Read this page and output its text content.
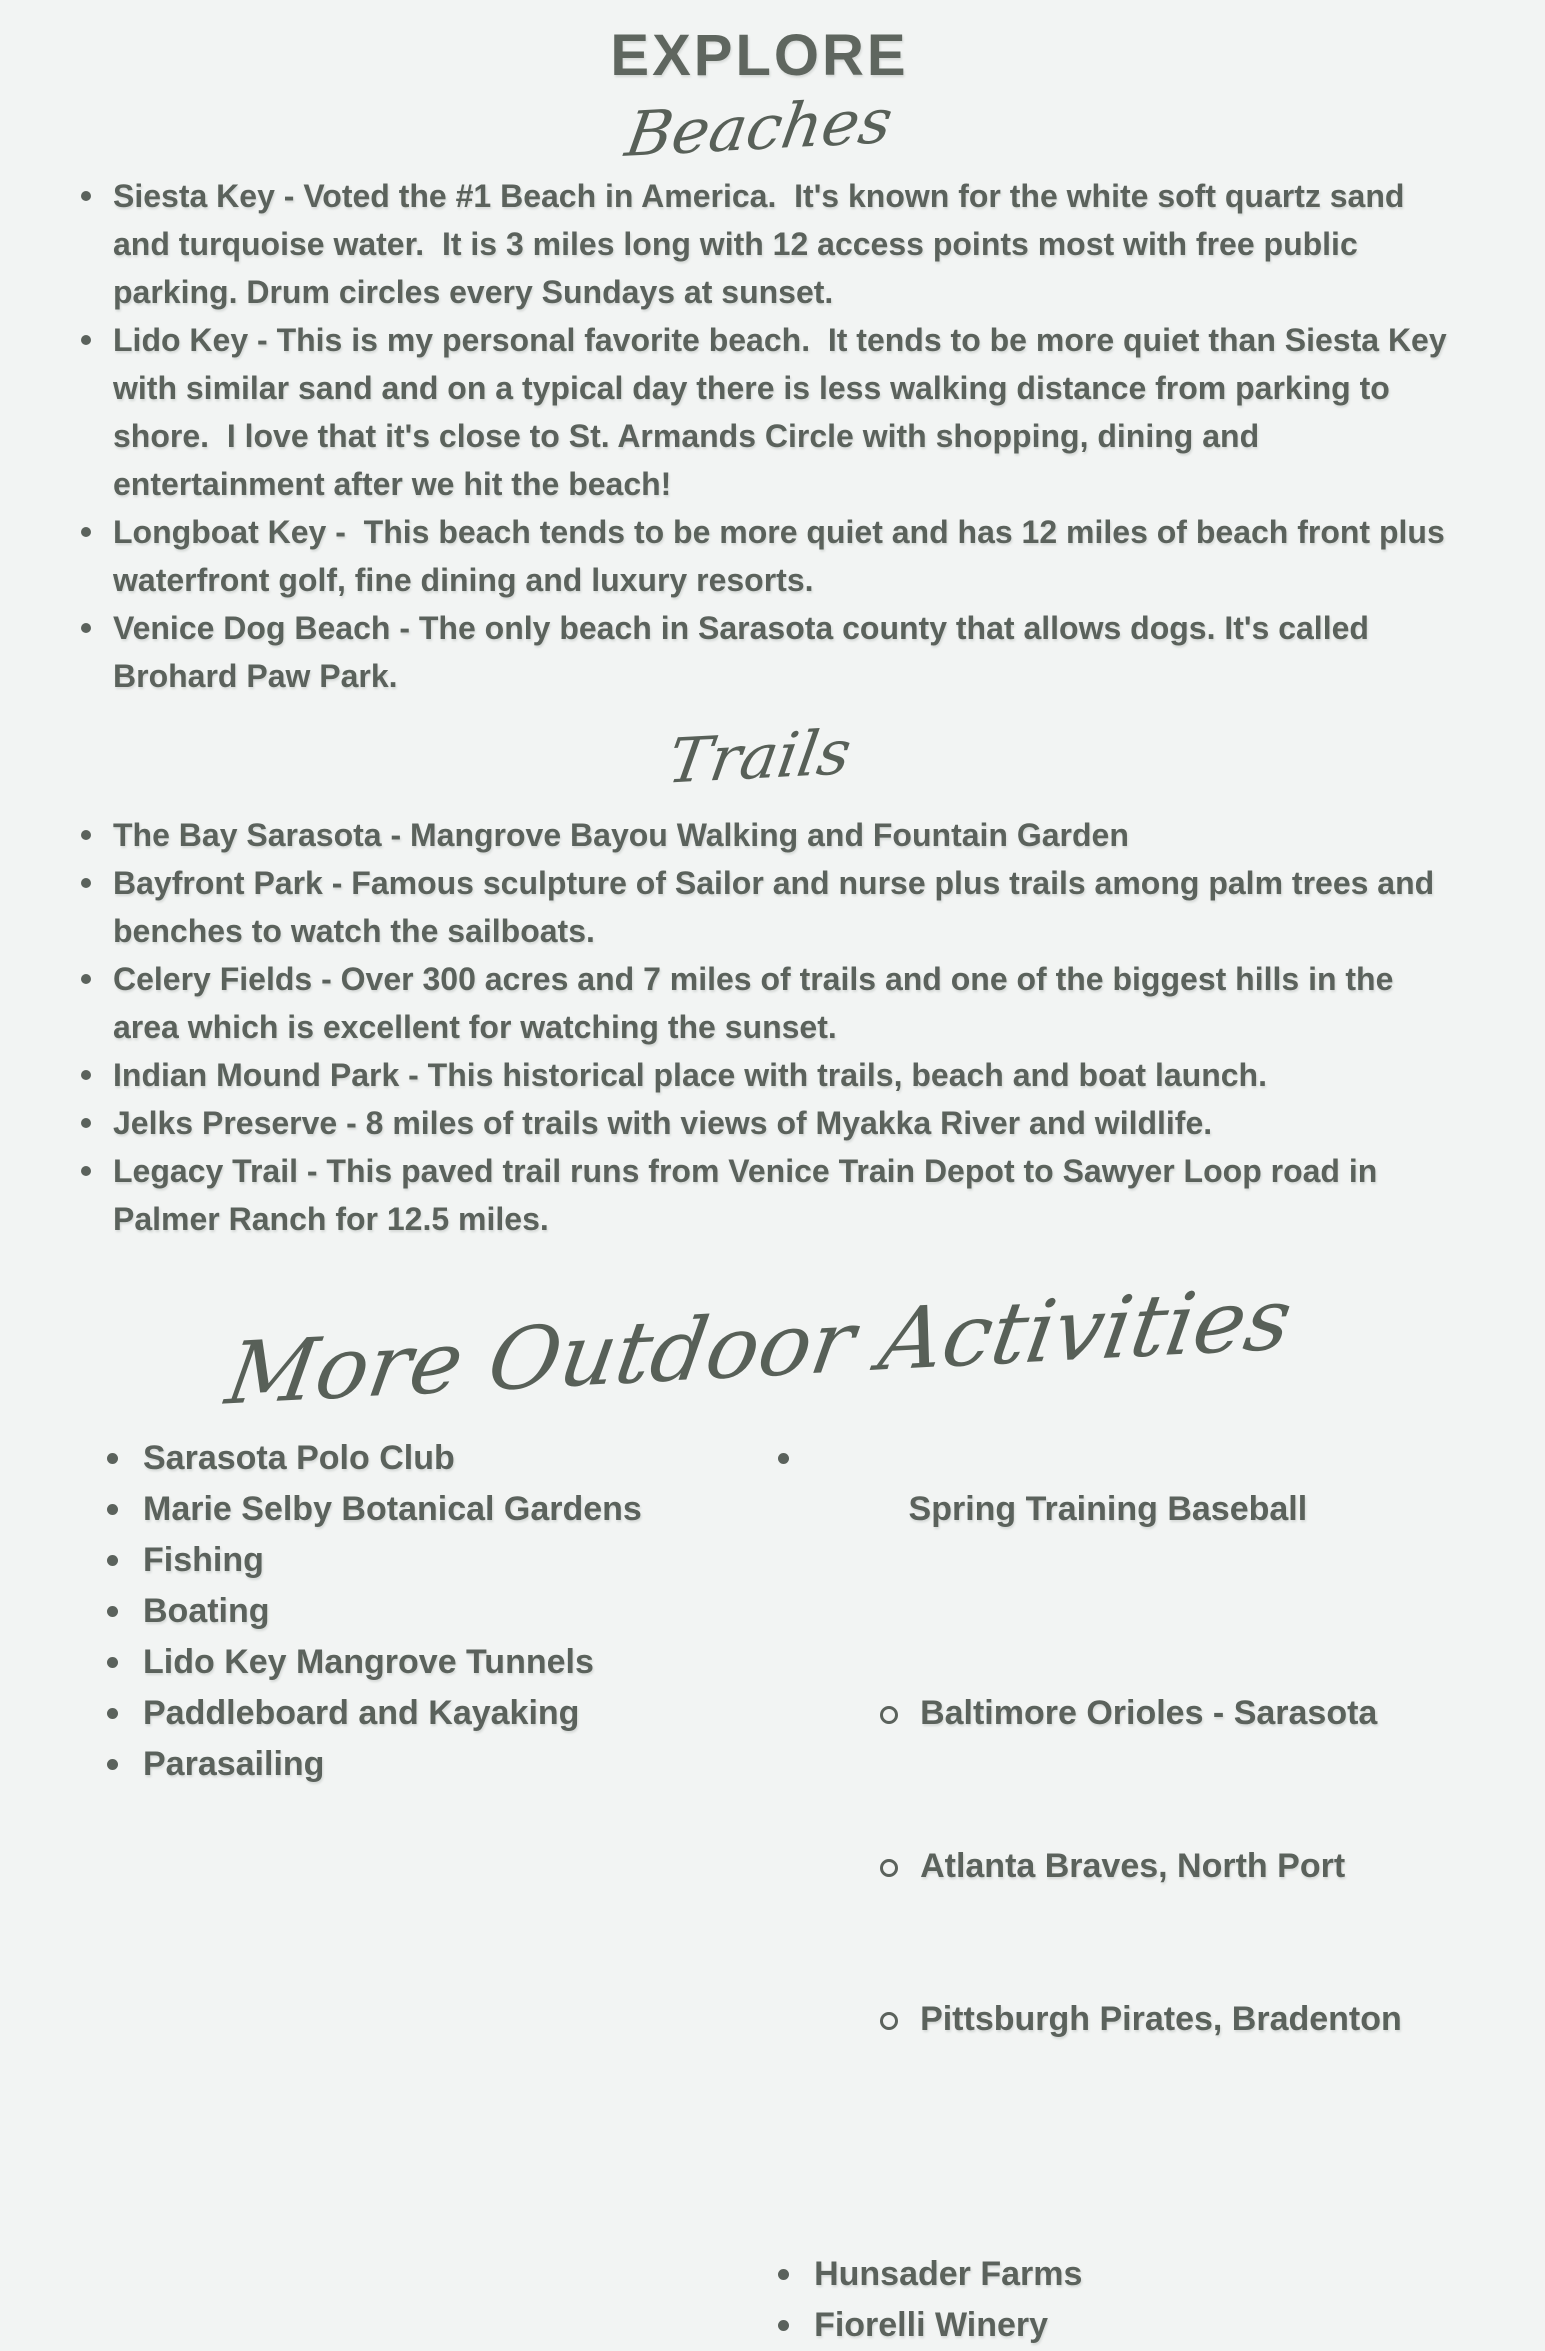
EXPLORE
Beaches
Siesta Key - Voted the #1 Beach in America.  It's known for the white soft quartz sand and turquoise water.  It is 3 miles long with 12 access points most with free public parking. Drum circles every Sundays at sunset.
Lido Key - This is my personal favorite beach.  It tends to be more quiet than Siesta Key with similar sand and on a typical day there is less walking distance from parking to shore.  I love that it's close to St. Armands Circle with shopping, dining and entertainment after we hit the beach!
Longboat Key -  This beach tends to be more quiet and has 12 miles of beach front plus waterfront golf, fine dining and luxury resorts.
Venice Dog Beach - The only beach in Sarasota county that allows dogs. It's called Brohard Paw Park.
Trails
The Bay Sarasota - Mangrove Bayou Walking and Fountain Garden
Bayfront Park - Famous sculpture of Sailor and nurse plus trails among palm trees and benches to watch the sailboats.
Celery Fields - Over 300 acres and 7 miles of trails and one of the biggest hills in the area which is excellent for watching the sunset.
Indian Mound Park - This historical place with trails, beach and boat launch.
Jelks Preserve - 8 miles of trails with views of Myakka River and wildlife.
Legacy Trail - This paved trail runs from Venice Train Depot to Sawyer Loop road in Palmer Ranch for 12.5 miles.
More Outdoor Activities
Sarasota Polo Club
Marie Selby Botanical Gardens
Fishing
Boating
Lido Key Mangrove Tunnels
Paddleboard and Kayaking
Parasailing

Spring Training Baseball

Baltimore Orioles - Sarasota

Atlanta Braves, North Port

Pittsburgh Pirates, Bradenton

Hunsader Farms
Fiorelli Winery
